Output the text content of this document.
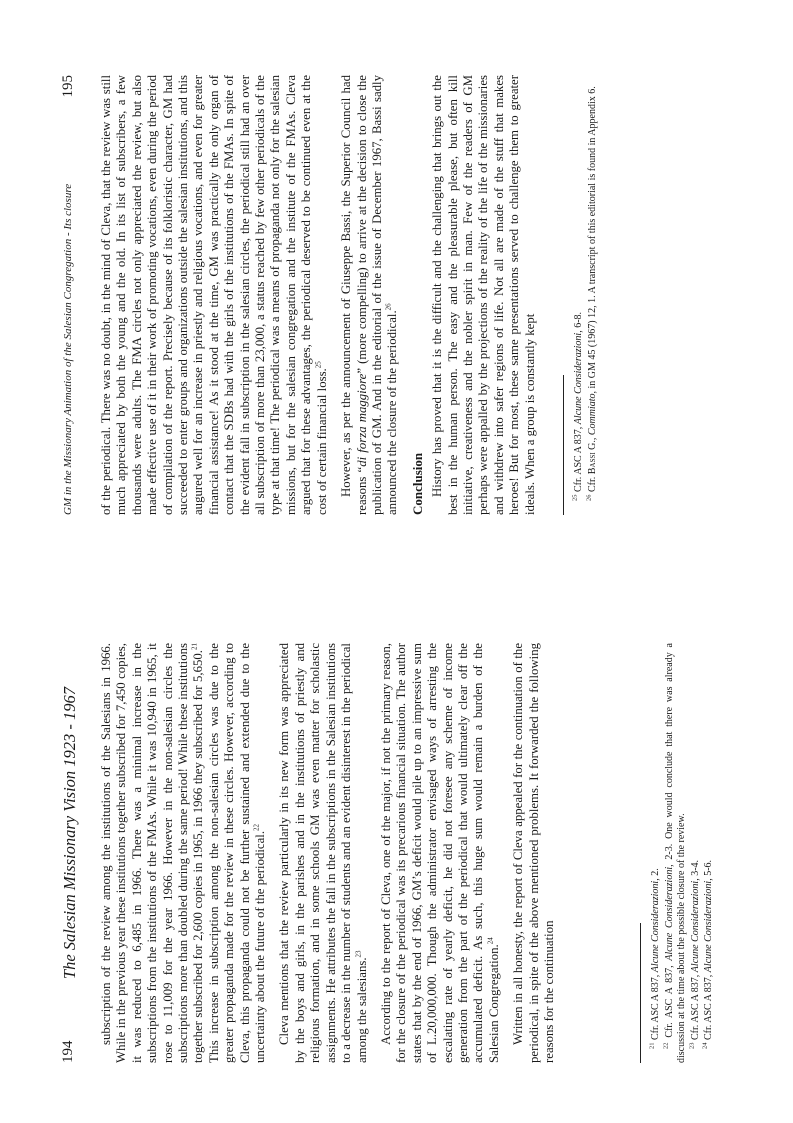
194
The Salesian Missionary Vision 1923 - 1967 subscription of the review among the institutions of the Salesians in 1966. While in the previous year these institutions together subscribed for 7,450 copies, it was reduced to 6,485 in 1966. There was a minimal increase in the subscriptions from the institutions of the FMAs. While it was 10,940 in 1965, it rose to 11,009 for the year 1966. However in the non-salesian circles the subscriptions more than doubled during the same period! While these institutions together subscribed for 2,600 copies in 1965, in 1966 they subscribed for 5,650.21 This increase in subscription among the non-salesian circles was due to the greater propaganda made for the review in these circles. However, according to Cleva, this propaganda could not be further sustained and extended due to the uncertainty about the future of the periodical.$^{22}$	Cleva mentions that the review particularly in its new form was appreciated by the boys and girls, in the parishes and in the institutions of priestly and religious formation, and in some schools GM was even matter for scholastic assignments. He attributes the fall in the subscriptions in the Salesian institutions to a decrease in the number of students and an evident disinterest in the periodical among the salesians.$^{23}$	According to the report of Cleva, one of the major, if not the primary reason, for the closure of the periodical was its precarious financial situation. The author states that by the end of 1966, GM’s deficit would pile up to an impressive sum of L.20,000,000. Though the administrator envisaged ways of arresting the escalating rate of yearly deficit, he did not foresee any scheme of income generation from the part of the periodical that would ultimately clear off the accumulated deficit. As such, this huge sum would remain a burden of the Salesian Congregation.$^{24}$	Written in all honesty, the report of Cleva appealed for the continuation of the periodical, in spite of the above mentioned problems. It forwarded the following reasons for the continuation	$^{21}$ Cfr. ASC A 837, Alcune Considerazioni, 2.

$^{22}$ Cfr. ASC A 837, Alcune Considerazioni, 2-3. One would conclude that there was already a discussion at the time about the possible closure of the review. $^{23}$ Cfr. ASC A 837, Alcune Considerazioni, 3-4.

$^{24}$ Cfr. ASC A 837, Alcune Considerazioni, 5-6.

GM in the Missionary Animation of the Salesian Congregation - Its closure
195 of the periodical. There was no doubt, in the mind of Cleva, that the review was still much appreciated by both the young and the old. In its list of subscribers, a few thousands were adults. The FMA circles not only appreciated the review, but also made effective use of it in their work of promoting vocations, even during the period of compilation of the report. Precisely because of its folkloristic character, GM had succeeded to enter groups and organizations outside the salesian institutions, and this augured well for an increase in priestly and religious vocations, and even for greater financial assistance! As it stood at the time, GM was practically the only organ of contact that the SDBs had with the girls of the institutions of the FMAs. In spite of the evident fall in subscription in the salesian circles, the periodical still had an over all subscription of more than 23,000, a status reached by few other periodicals of the type at that time! The periodical was a means of propaganda not only for the salesian missions, but for the salesian congregation and the institute of the FMAs. Cleva argued that for these advantages, the periodical deserved to be continued even at the cost of certain financial loss.$^{25}$	However, as per the announcement of Giuseppe Bassi, the Superior Council had reasons “di forza maggiore” (more compelling) to arrive at the decision to close the publication of GM. And in the editorial of the issue of December 1967, Bassi sadly announced the closure of the periodical.$^{26}$

Conclusion History has proved that it is the difficult and the challenging that brings out the best in the human person. The easy and the pleasurable please, but often kill initiative, creativeness and the nobler spirit in man. Few of the readers of GM perhaps were appalled by the projections of the reality of the life of the missionaries and withdrew into safer regions of life. Not all are made of the stuff that makes heroes! But for most, these same presentations served to challenge them to greater ideals. When a group is constantly kept	$^{25}$ Cfr. ASC A 837, Alcune Considerazioni, 6-8.

$^{26}$ Cfr. Bassi G., Commiato, in GM 45 (1967) 12, 1. A transcript of this editorial is found in Appendix 6.
